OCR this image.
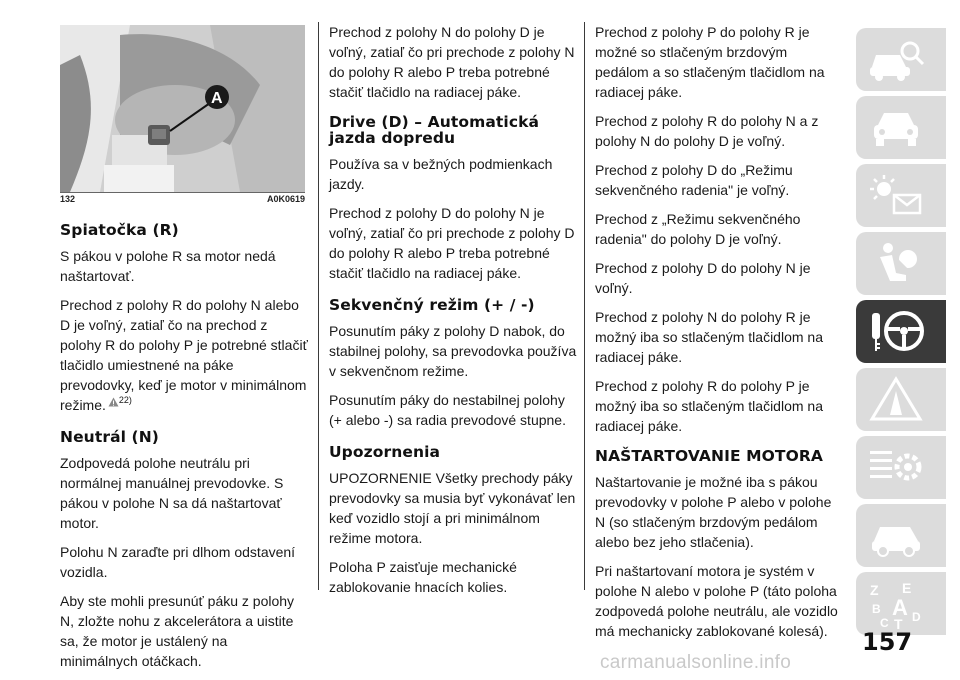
A
132	A0K0619
Spiatočka (R)

S pákou v polohe R sa motor nedá naštartovať.

Prechod z polohy R do polohy N alebo D je voľný, zatiaľ čo na prechod z polohy R do polohy P je potrebné stlačiť tlačidlo umiestnené na páke prevodovky, keď je motor v minimálnom režime. 22)

Neutrál (N)

Zodpovedá polohe neutrálu pri normálnej manuálnej prevodovke. S pákou v polohe N sa dá naštartovať motor.

Polohu N zaraďte pri dlhom odstavení vozidla.

Aby ste mohli presunúť páku z polohy N, zložte nohu z akcelerátora a uistite sa, že motor je ustálený na minimálnych otáčkach.

Prechod z polohy N do polohy D je voľný, zatiaľ čo pri prechode z polohy N do polohy R alebo P treba potrebné stačiť tlačidlo na radiacej páke.

Drive (D) – Automatická jazda dopredu

Používa sa v bežných podmienkach jazdy.

Prechod z polohy D do polohy N je voľný, zatiaľ čo pri prechode z polohy D do polohy R alebo P treba potrebné stačiť tlačidlo na radiacej páke.

Sekvenčný režim (+ / -)

Posunutím páky z polohy D nabok, do stabilnej polohy, sa prevodovka používa v sekvenčnom režime.

Posunutím páky do nestabilnej polohy (+ alebo -) sa radia prevodové stupne.

Upozornenia

UPOZORNENIE Všetky prechody páky prevodovky sa musia byť vykonávať len keď vozidlo stojí a pri minimálnom režime motora.

Poloha P zaisťuje mechanické zablokovanie hnacích kolies.

Prechod z polohy P do polohy R je možné so stlačeným brzdovým pedálom a so stlačeným tlačidlom na radiacej páke.

Prechod z polohy R do polohy N a z polohy N do polohy D je voľný.

Prechod z polohy D do „Režimu sekvenčného radenia" je voľný.

Prechod z „Režimu sekvenčného radenia" do polohy D je voľný.

Prechod z polohy D do polohy N je voľný.

Prechod z polohy N do polohy R je možný iba so stlačeným tlačidlom na radiacej páke.

Prechod z polohy R do polohy P je možný iba so stlačeným tlačidlom na radiacej páke.

NAŠTARTOVANIE MOTORA

Naštartovanie je možné iba s pákou prevodovky v polohe P alebo v polohe N (so stlačeným brzdovým pedálom alebo bez jeho stlačenia).

Pri naštartovaní motora je systém v polohe N alebo v polohe P (táto poloha zodpovedá polohe neutrálu, ale vozidlo má mechanicky zablokované kolesá).

Z E
B A
C T D
157
carmanualsonline.info
